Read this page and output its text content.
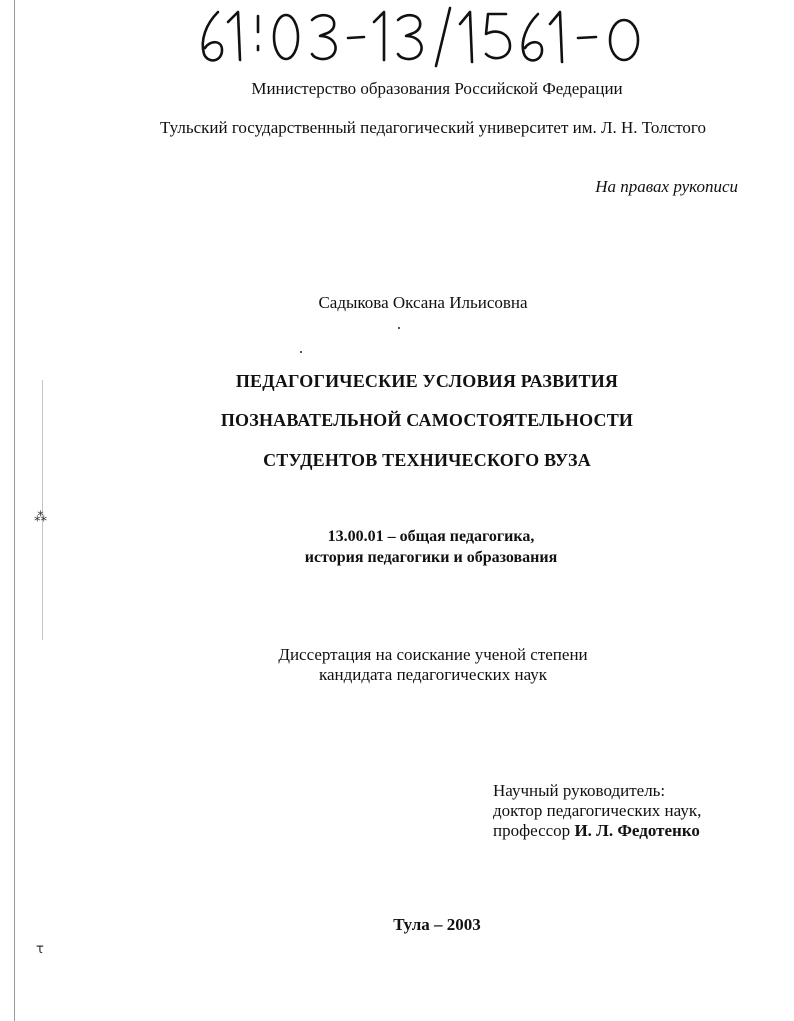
Министерство образования Российской Федерации
Тульский государственный педагогический университет им. Л. Н. Толстого
На правах рукописи
Садыкова Оксана Ильисовна
ПЕДАГОГИЧЕСКИЕ УСЛОВИЯ РАЗВИТИЯ
ПОЗНАВАТЕЛЬНОЙ САМОСТОЯТЕЛЬНОСТИ
СТУДЕНТОВ ТЕХНИЧЕСКОГО ВУЗА
⁂
τ
13.00.01 – общая педагогика,
история педагогики и образования
Диссертация на соискание ученой степени
кандидата педагогических наук
Научный руководитель:
доктор педагогических наук,
профессор И. Л. Федотенко
Тула – 2003
